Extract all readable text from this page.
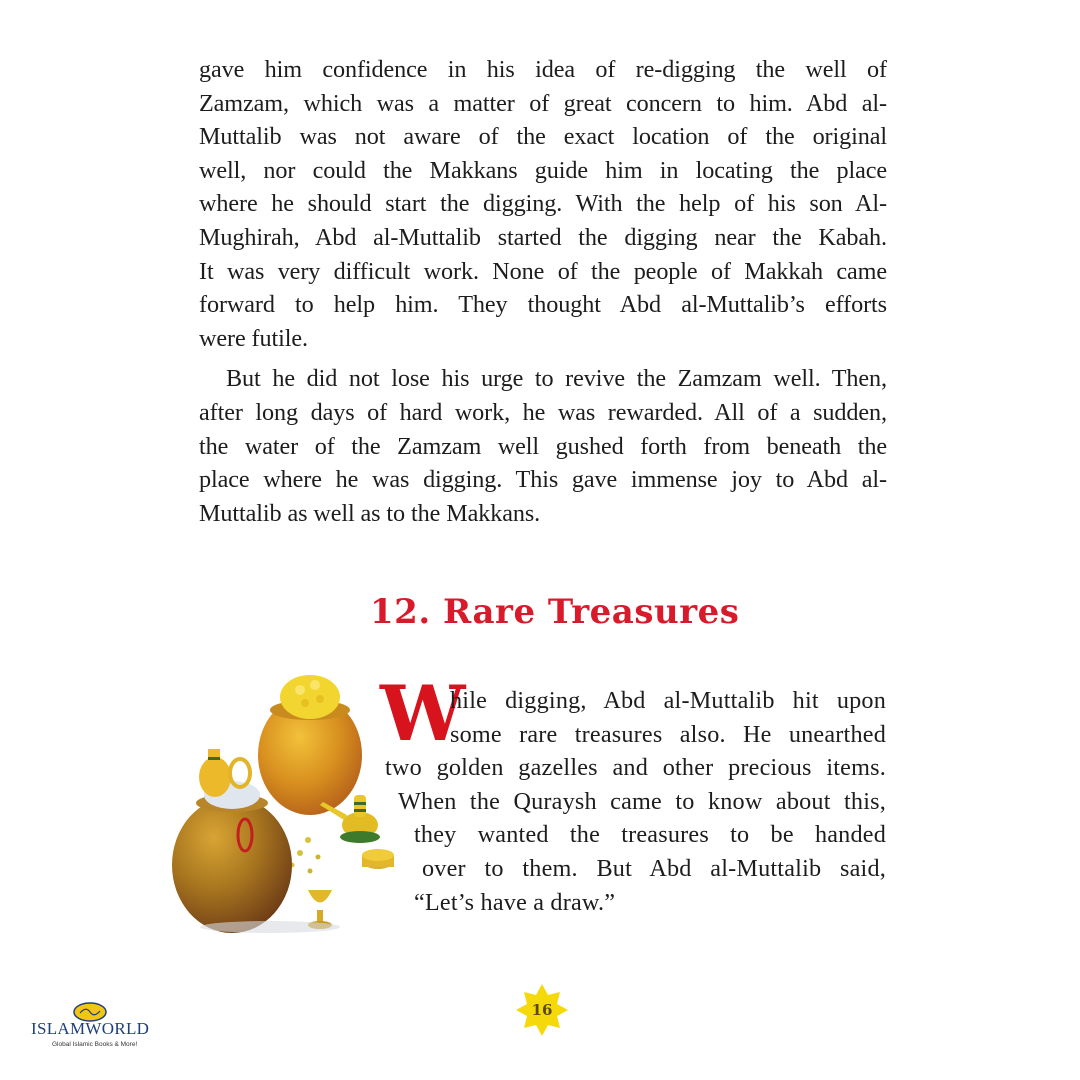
gave him confidence in his idea of re-digging the well of
Zamzam, which was a matter of great concern to him. Abd al-
Muttalib was not aware of the exact location of the original
well, nor could the Makkans guide him in locating the place
where he should start the digging. With the help of his son Al-
Mughirah, Abd al-Muttalib started the digging near the Kabah.
It was very difficult work. None of the people of Makkah came
forward to help him. They thought Abd al-Muttalib’s efforts
were futile.

But he did not lose his urge to revive the Zamzam well. Then,
after long days of hard work, he was rewarded. All of a sudden,
the water of the Zamzam well gushed forth from beneath the
place where he was digging. This gave immense joy to Abd al-
Muttalib as well as to the Makkans.

12. Rare Treasures
W
hile digging, Abd al-Muttalib hit upon
some rare treasures also. He unearthed
two golden gazelles and other precious items.
When the Quraysh came to know about this,
they wanted the treasures to be handed
over to them. But Abd al-Muttalib said,
“Let’s have a draw.”
16
ISLAMWORLD
Global Islamic Books & More!
